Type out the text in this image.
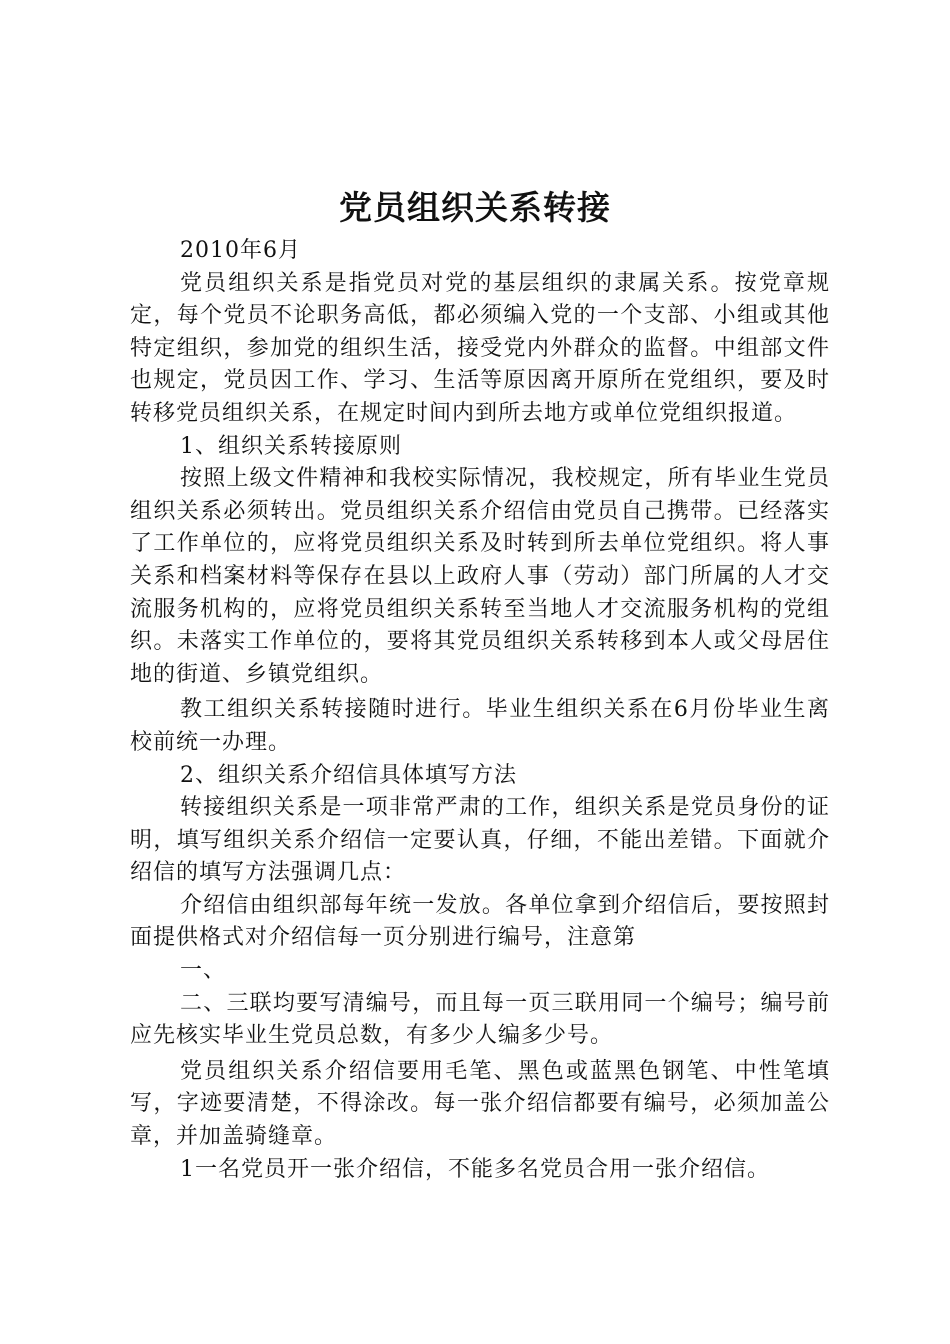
党员组织关系转接

2010年6月

党员组织关系是指党员对党的基层组织的隶属关系。按党章规定，每个党员不论职务高低，都必须编入党的一个支部、小组或其他特定组织，参加党的组织生活，接受党内外群众的监督。中组部文件也规定，党员因工作、学习、生活等原因离开原所在党组织，要及时转移党员组织关系，在规定时间内到所去地方或单位党组织报道。

1、组织关系转接原则

按照上级文件精神和我校实际情况，我校规定，所有毕业生党员组织关系必须转出。党员组织关系介绍信由党员自己携带。已经落实了工作单位的，应将党员组织关系及时转到所去单位党组织。将人事关系和档案材料等保存在县以上政府人事（劳动）部门所属的人才交流服务机构的，应将党员组织关系转至当地人才交流服务机构的党组织。未落实工作单位的，要将其党员组织关系转移到本人或父母居住地的街道、乡镇党组织。

教工组织关系转接随时进行。毕业生组织关系在6月份毕业生离校前统一办理。

2、组织关系介绍信具体填写方法

转接组织关系是一项非常严肃的工作，组织关系是党员身份的证明，填写组织关系介绍信一定要认真，仔细，不能出差错。下面就介绍信的填写方法强调几点：

介绍信由组织部每年统一发放。各单位拿到介绍信后，要按照封面提供格式对介绍信每一页分别进行编号，注意第

一、

二、三联均要写清编号，而且每一页三联用同一个编号；编号前应先核实毕业生党员总数，有多少人编多少号。

党员组织关系介绍信要用毛笔、黑色或蓝黑色钢笔、中性笔填写，字迹要清楚，不得涂改。每一张介绍信都要有编号，必须加盖公章，并加盖骑缝章。

1一名党员开一张介绍信，不能多名党员合用一张介绍信。
